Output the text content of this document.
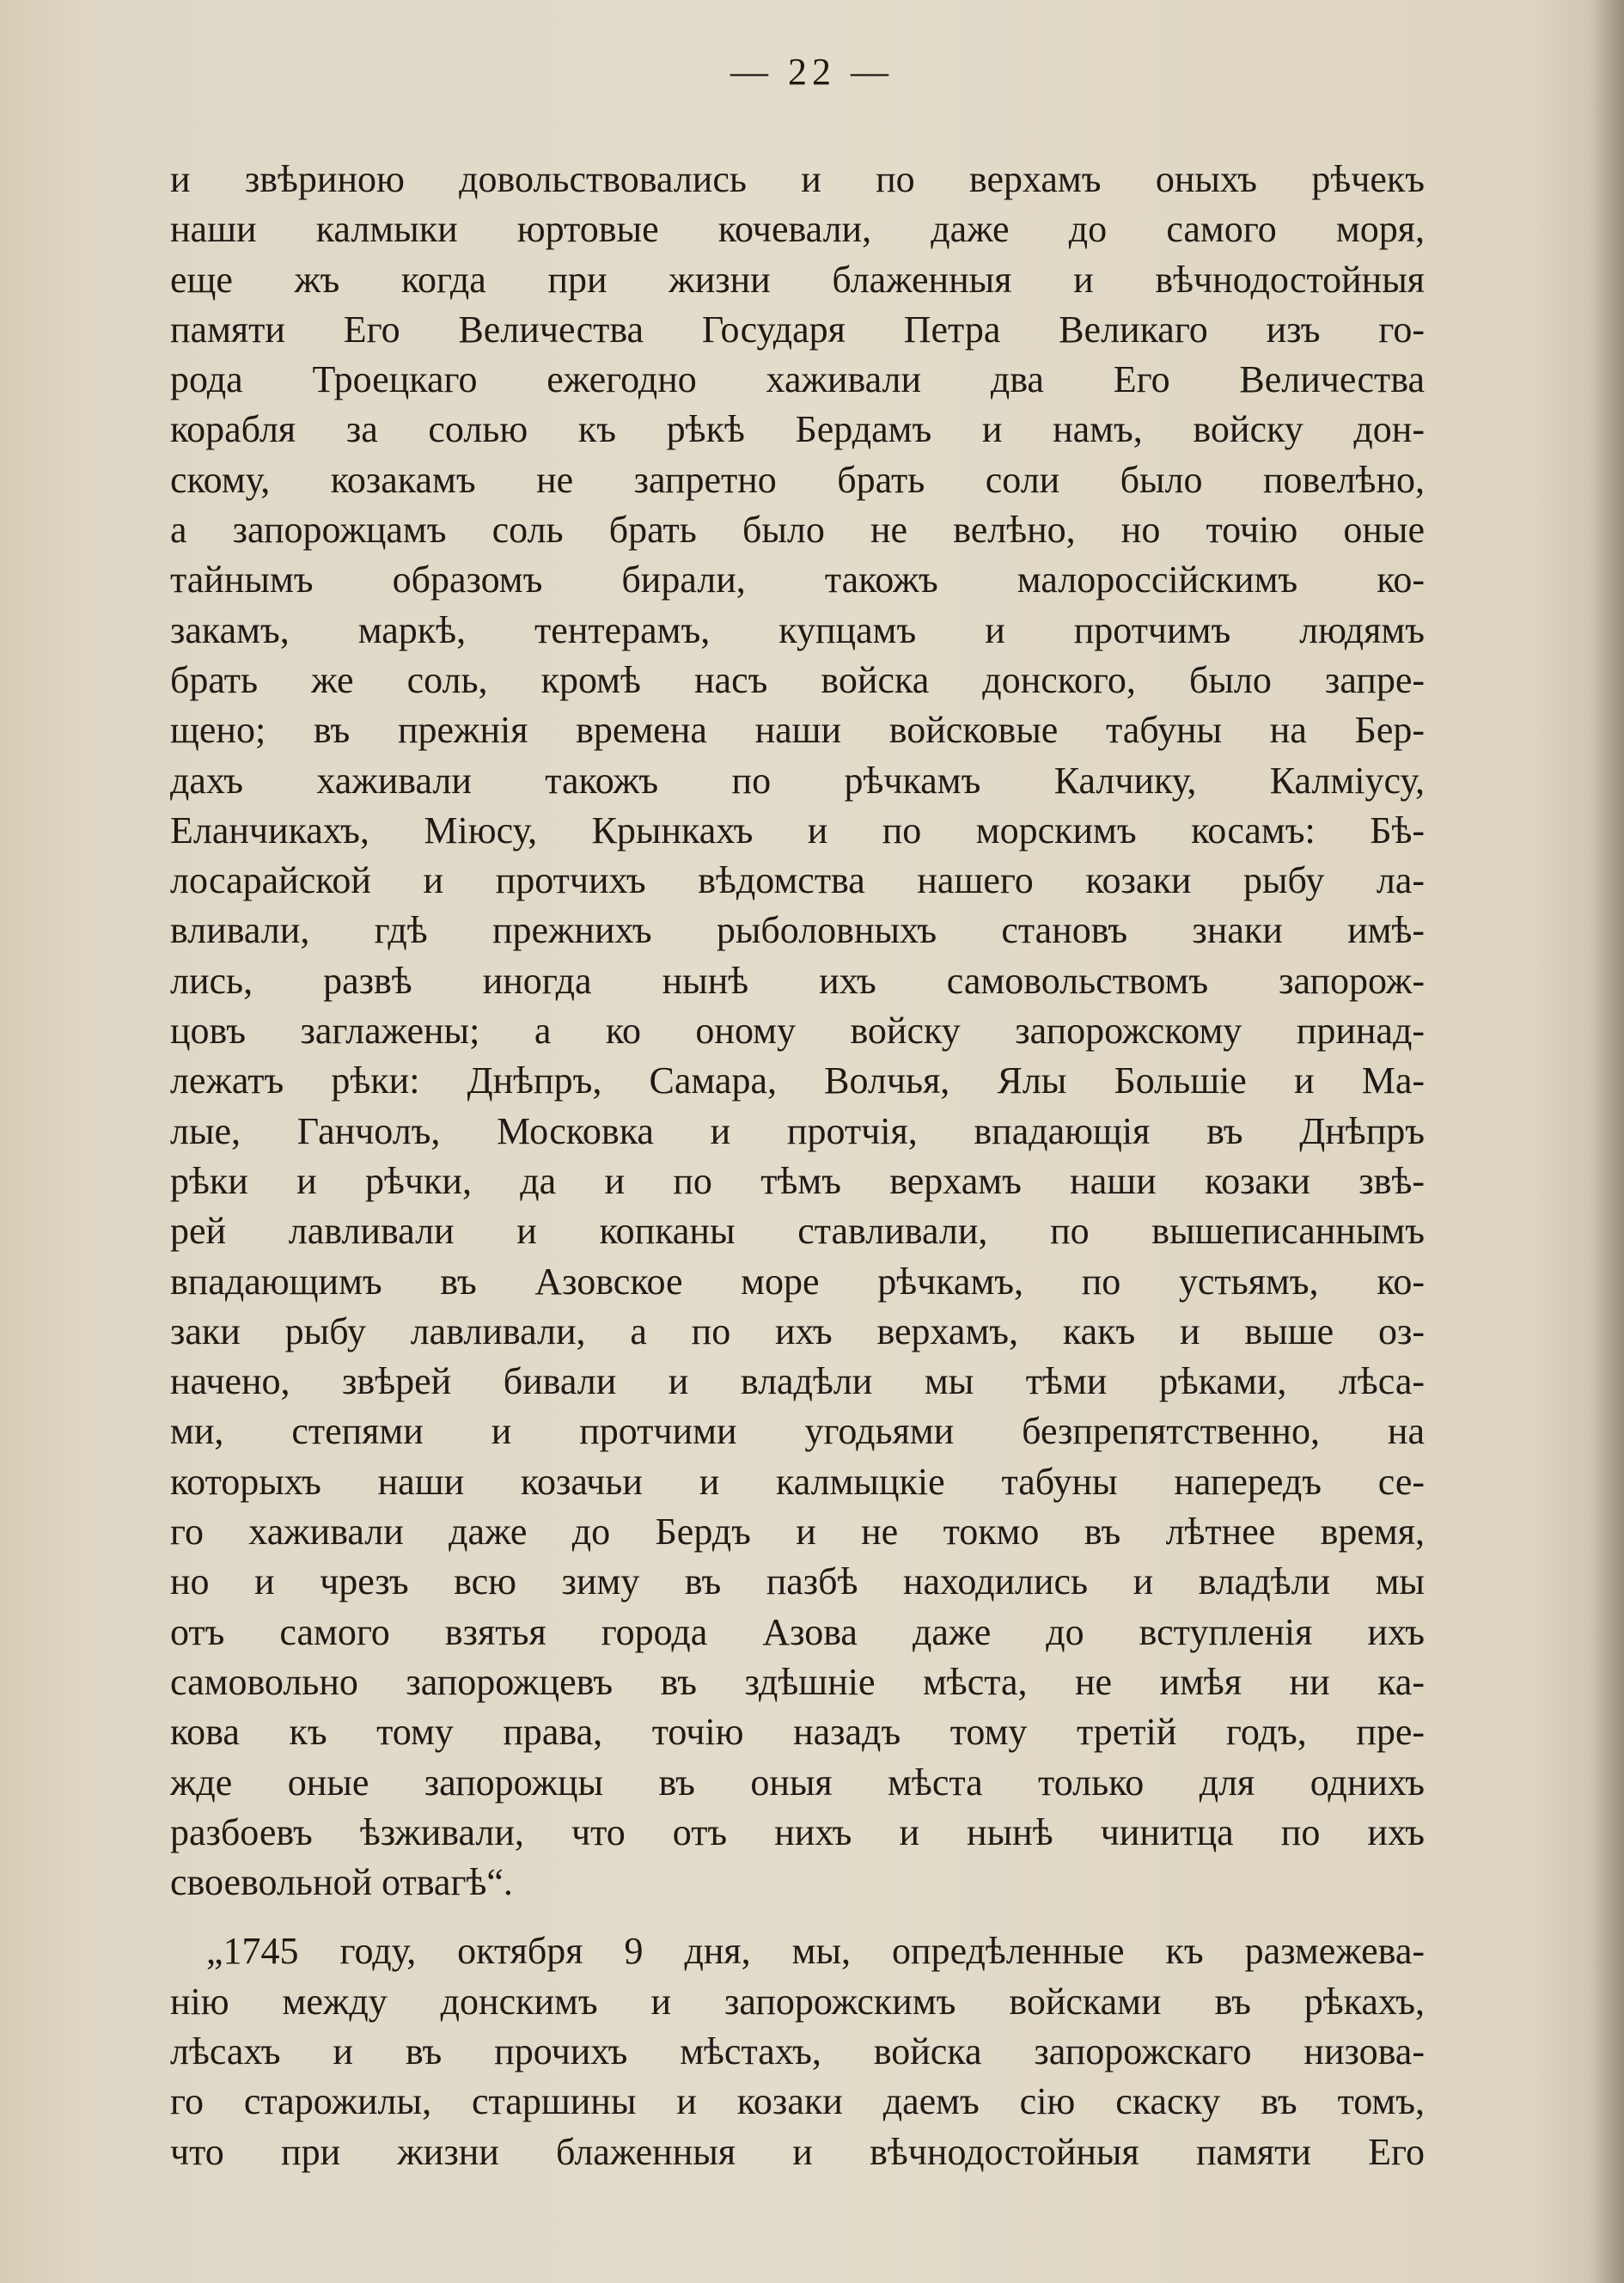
— 22 —
и звѣриною довольствовались и по верхамъ оныхъ рѣчекъ
наши калмыки юртовые кочевали, даже до самого моря,
еще жъ когда при жизни блаженныя и вѣчнодостойныя
памяти Его Величества Государя Петра Великаго изъ го-
рода Троецкаго ежегодно хаживали два Его Величества
корабля за солью къ рѣкѣ Бердамъ и намъ, войску дон-
скому, козакамъ не запретно брать соли было повелѣно,
а запорожцамъ соль брать было не велѣно, но точію оные
тайнымъ образомъ бирали, такожъ малороссійскимъ ко-
закамъ, маркѣ, тентерамъ, купцамъ и протчимъ людямъ
брать же соль, кромѣ насъ войска донского, было запре-
щено; въ прежнія времена наши войсковые табуны на Бер-
дахъ хаживали такожъ по рѣчкамъ Калчику, Калміусу,
Еланчикахъ, Міюсу, Крынкахъ и по морскимъ косамъ: Бѣ-
лосарайской и протчихъ вѣдомства нашего козаки рыбу ла-
вливали, гдѣ прежнихъ рыболовныхъ становъ знаки имѣ-
лись, развѣ иногда нынѣ ихъ самовольствомъ запорож-
цовъ заглажены; а ко оному войску запорожскому принад-
лежатъ рѣки: Днѣпръ, Самара, Волчья, Ялы Большіе и Ма-
лые, Ганчолъ, Московка и протчія, впадающія въ Днѣпръ
рѣки и рѣчки, да и по тѣмъ верхамъ наши козаки звѣ-
рей лавливали и копканы ставливали, по вышеписаннымъ
впадающимъ въ Азовское море рѣчкамъ, по устьямъ, ко-
заки рыбу лавливали, а по ихъ верхамъ, какъ и выше оз-
начено, звѣрей бивали и владѣли мы тѣми рѣками, лѣса-
ми, степями и протчими угодьями безпрепятственно, на
которыхъ наши козачьи и калмыцкіе табуны напередъ се-
го хаживали даже до Бердъ и не токмо въ лѣтнее время,
но и чрезъ всю зиму въ пазбѣ находились и владѣли мы
отъ самого взятья города Азова даже до вступленія ихъ
самовольно запорожцевъ въ здѣшніе мѣста, не имѣя ни ка-
кова къ тому права, точію назадъ тому третій годъ, пре-
жде оные запорожцы въ оныя мѣста только для однихъ
разбоевъ ѣзживали, что отъ нихъ и нынѣ чинитца по ихъ
своевольной отвагѣ“.
„1745 году, октября 9 дня, мы, опредѣленные къ размежева-
нію между донскимъ и запорожскимъ войсками въ рѣкахъ,
лѣсахъ и въ прочихъ мѣстахъ, войска запорожскаго низова-
го старожилы, старшины и козаки даемъ сію скаску въ томъ,
что при жизни блаженныя и вѣчнодостойныя памяти Его
